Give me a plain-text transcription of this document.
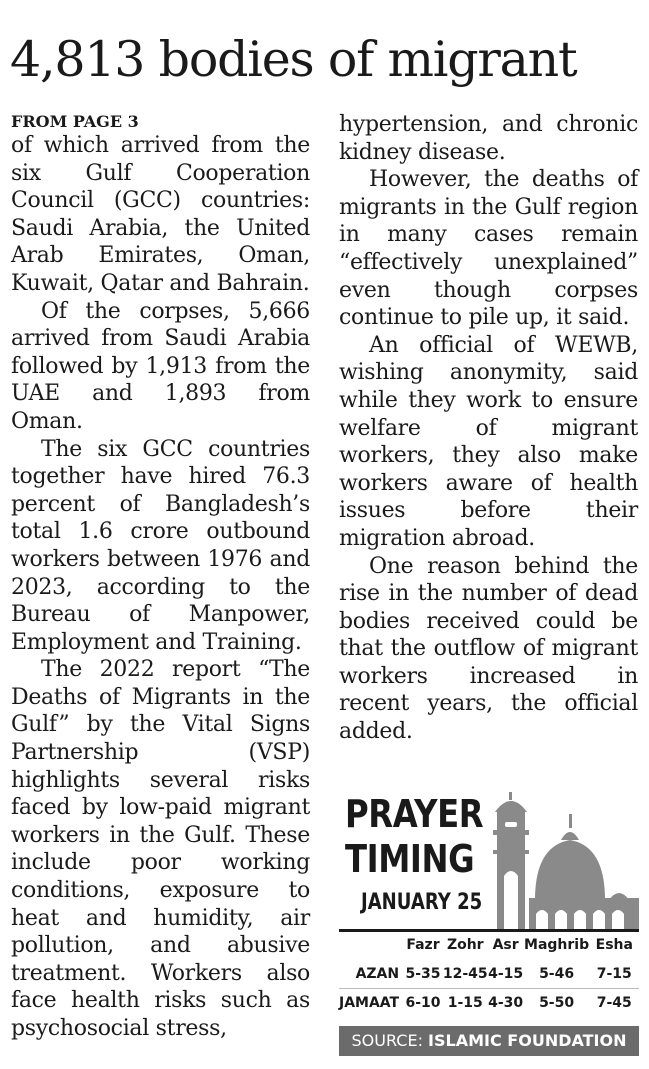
4,813 bodies of migrant
FROM PAGE 3

of which arrived from the six Gulf Cooperation Council (GCC) countries: Saudi Arabia, the United Arab Emirates, Oman, Kuwait, Qatar and Bahrain.

Of the corpses, 5,666 arrived from Saudi Arabia followed by 1,913 from the UAE and 1,893 from Oman.

The six GCC countries together have hired 76.3 percent of Bangladesh’s total 1.6 crore outbound workers between 1976 and 2023, according to the Bureau of Manpower, Employment and Training.

The 2022 report “The Deaths of Migrants in the Gulf” by the Vital Signs Partnership (VSP) highlights several risks faced by low-paid migrant workers in the Gulf. These include poor working conditions, exposure to heat and humidity, air pollution, and abusive treatment. Workers also face health risks such as psychosocial stress,

hypertension, and chronic kidney disease.

However, the deaths of migrants in the Gulf region in many cases remain “effectively unexplained” even though corpses continue to pile up, it said.

An official of WEWB, wishing anonymity, said while they work to ensure welfare of migrant workers, they also make workers aware of health issues before their migration abroad.

One reason behind the rise in the number of dead bodies received could be that the outflow of migrant workers increased in recent years, the official added.

PRAYER
TIMING
JANUARY 25
	Fazr	Zohr	Asr	Maghrib	Esha
AZAN	5-35	12-45	4-15	5-46	7-15
JAMAAT	6-10	1-15	4-30	5-50	7-45
SOURCE: ISLAMIC FOUNDATION
